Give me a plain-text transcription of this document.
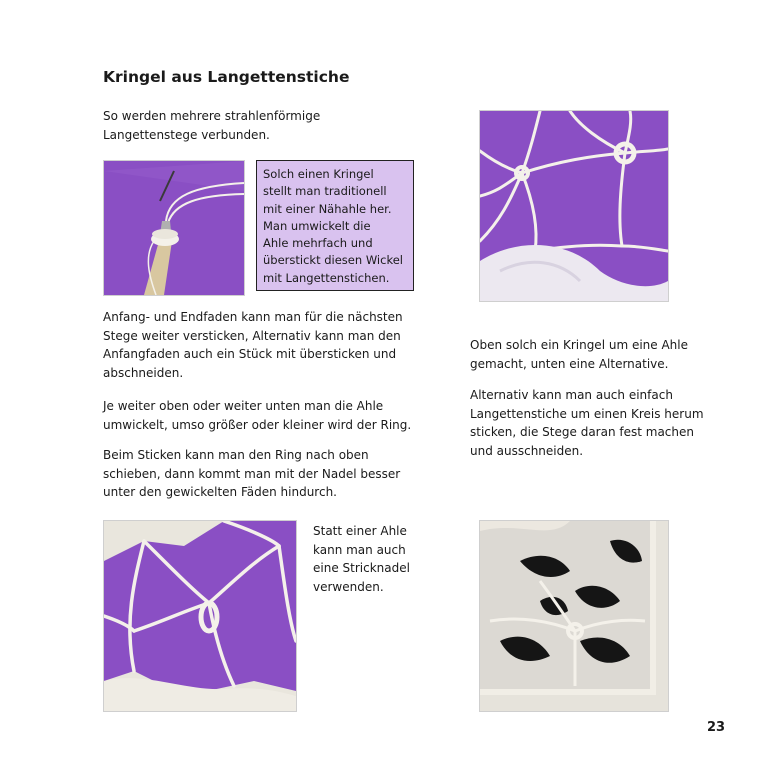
Kringel aus Langettenstiche
So werden mehrere strahlenförmige
Langettenstege verbunden.
Solch einen Kringel
stellt man traditionell
mit einer Nähahle her.
Man umwickelt die
Ahle mehrfach und
überstickt diesen Wickel
mit Langettenstichen.
Anfang- und Endfaden kann man für die nächsten
Stege weiter versticken, Alternativ kann man den
Anfangfaden auch ein Stück mit übersticken und
abschneiden.
Je weiter oben oder weiter unten man die Ahle
umwickelt, umso größer oder kleiner wird der Ring.
Beim Sticken kann man den Ring nach oben
schieben, dann kommt man mit der Nadel besser
unter den gewickelten Fäden hindurch.
Oben solch ein Kringel um eine Ahle
gemacht, unten eine Alternative.
Alternativ kann man auch einfach
Langettenstiche um einen Kreis herum
sticken, die Stege daran fest machen
und ausschneiden.
Statt einer Ahle
kann man auch
eine Stricknadel
verwenden.
23
